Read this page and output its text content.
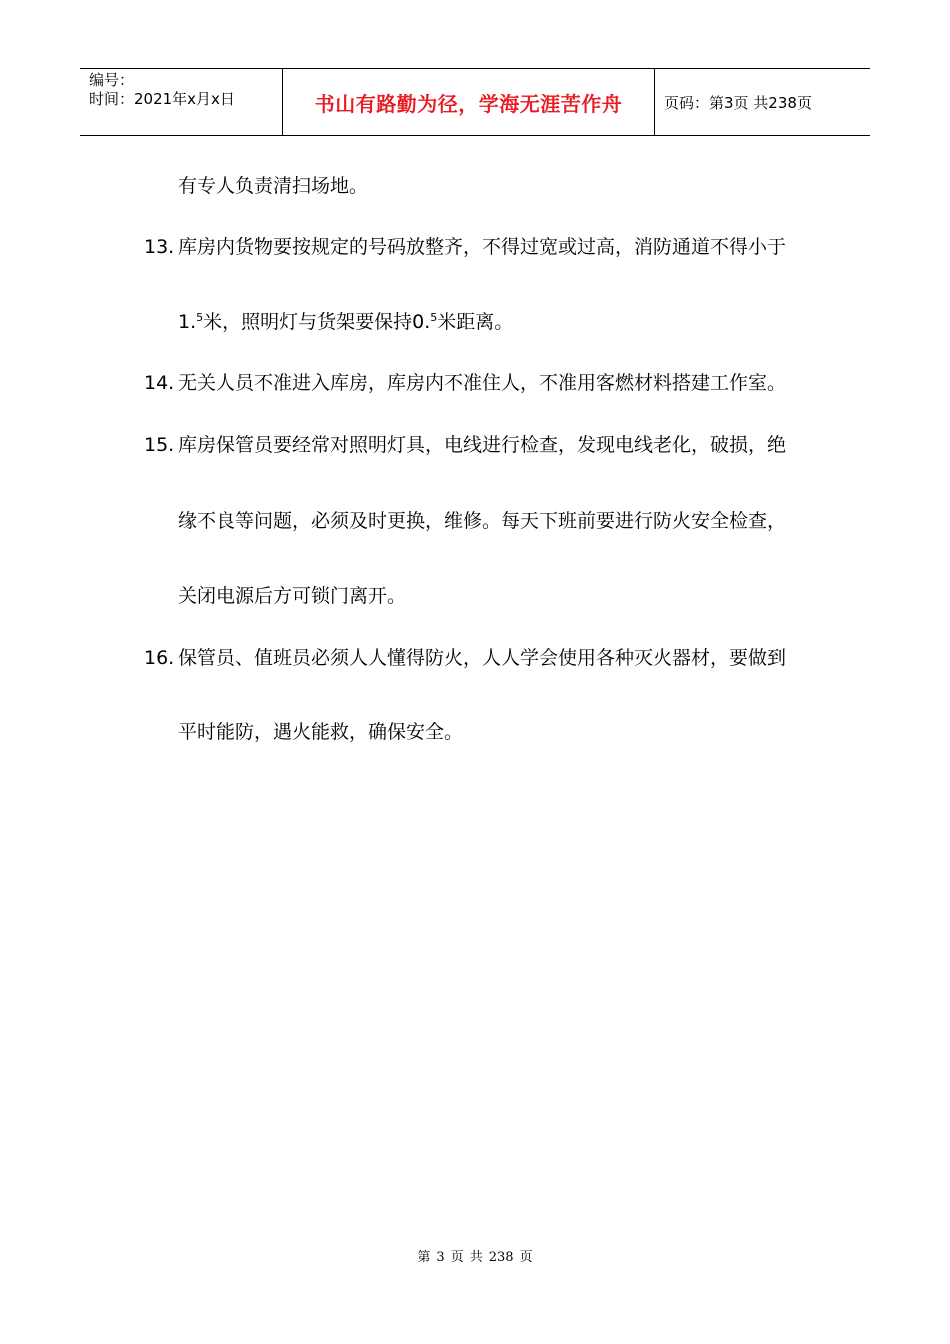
编号：
时间：2021年x月x日	书山有路勤为径，学海无涯苦作舟	页码：第3页 共238页
有专人负责清扫场地。
13. 库房内货物要按规定的号码放整齐，不得过宽或过高，消防通道不得小于
1.$^5$米，照明灯与货架要保持0.$^5$米距离。
14. 无关人员不准进入库房，库房内不准住人，不准用客燃材料搭建工作室。
15. 库房保管员要经常对照明灯具，电线进行检查，发现电线老化，破损，绝
缘不良等问题，必须及时更换，维修。每天下班前要进行防火安全检查，
关闭电源后方可锁门离开。
16. 保管员、值班员必须人人懂得防火，人人学会使用各种灭火器材，要做到
平时能防，遇火能救，确保安全。
第 3 页 共 238 页
